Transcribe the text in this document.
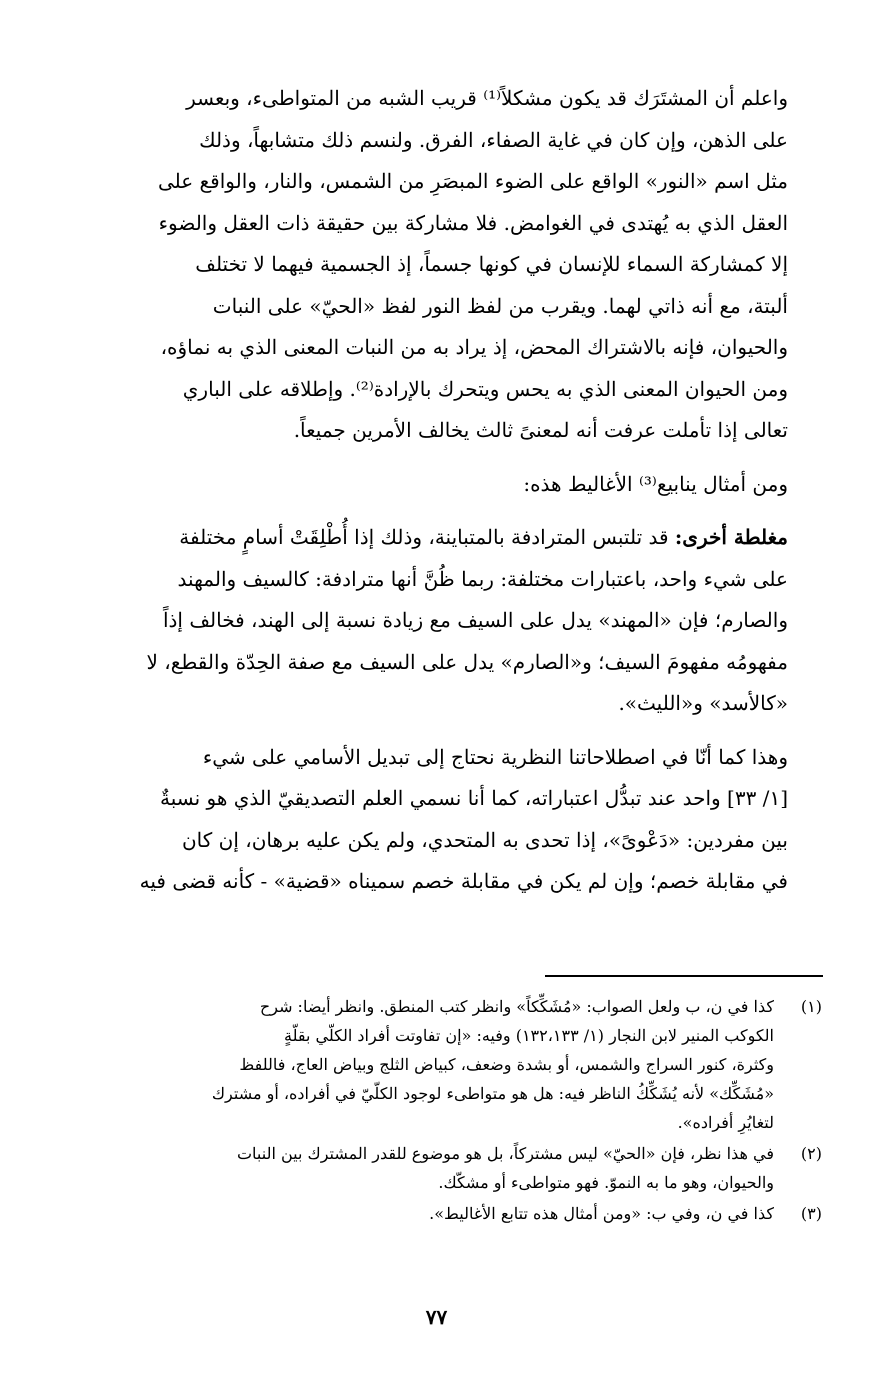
واعلم أن المشتَرَك قد يكون مشكلاً⁽¹⁾ قريب الشبه من المتواطىء، وبعسر
على الذهن، وإن كان في غاية الصفاء، الفرق. ولنسم ذلك متشابهاً، وذلك
مثل اسم «النور» الواقع على الضوء المبصَرِ من الشمس، والنار، والواقع على
العقل الذي به يُهتدى في الغوامض. فلا مشاركة بين حقيقة ذات العقل والضوء
إلا كمشاركة السماء للإنسان في كونها جسماً، إذ الجسمية فيهما لا تختلف
ألبتة، مع أنه ذاتي لهما. ويقرب من لفظ النور لفظ «الحيّ» على النبات
والحيوان، فإنه بالاشتراك المحض، إذ يراد به من النبات المعنى الذي به نماؤه،
ومن الحيوان المعنى الذي به يحس ويتحرك بالإرادة⁽²⁾. وإطلاقه على الباري
تعالى إذا تأملت عرفت أنه لمعنىً ثالث يخالف الأمرين جميعاً.

ومن أمثال ينابيع⁽³⁾ الأغاليط هذه:

مغلطة أخرى: قد تلتبس المترادفة بالمتباينة، وذلك إذا أُطْلِقَتْ أسامٍ مختلفة
على شيء واحد، باعتبارات مختلفة: ربما ظُنَّ أنها مترادفة: كالسيف والمهند
والصارم؛ فإن «المهند» يدل على السيف مع زيادة نسبة إلى الهند، فخالف إذاً
مفهومُه مفهومَ السيف؛ و«الصارم» يدل على السيف مع صفة الحِدّة والقطع، لا
«كالأسد» و«الليث».

وهذا كما أنّا في اصطلاحاتنا النظرية نحتاج إلى تبديل الأسامي على شيء
[١/ ٣٣] واحد عند تبدُّل اعتباراته، كما أنا نسمي العلم التصديقيّ الذي هو نسبةٌ
بين مفردين: «دَعْوىً»، إذا تحدى به المتحدي، ولم يكن عليه برهان، إن كان
في مقابلة خصم؛ وإن لم يكن في مقابلة خصم سميناه «قضية» - كأنه قضى فيه

(١)
كذا في ن، ب ولعل الصواب: «مُشَكِّكاً» وانظر كتب المنطق. وانظر أيضا: شرح
الكوكب المنير لابن النجار (١/ ١٣٢،١٣٣) وفيه: «إن تفاوتت أفراد الكلّي بقلّةٍ
وكثرة، كنور السراج والشمس، أو بشدة وضعف، كبياض الثلج وبياض العاج، فاللفظ
«مُشَكِّك» لأنه يُشَكِّكُ الناظر فيه: هل هو متواطىء لوجود الكلّيّ في أفراده، أو مشترك
لتغايُرِ أفراده».
(٢)
في هذا نظر، فإن «الحيّ» ليس مشتركاً، بل هو موضوع للقدر المشترك بين النبات
والحيوان، وهو ما به النموّ. فهو متواطىء أو مشكّك.
(٣)
كذا في ن، وفي ب: «ومن أمثال هذه تتابع الأغاليط».
٧٧
